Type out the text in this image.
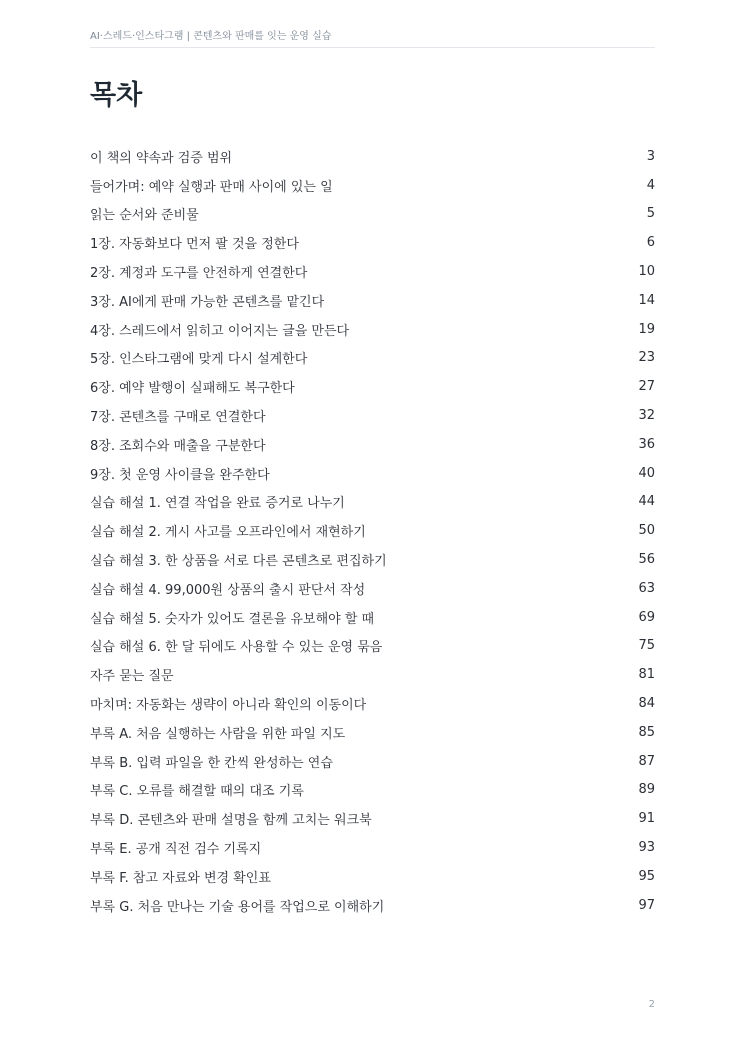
AI·스레드·인스타그램 | 콘텐츠와 판매를 잇는 운영 실습
목차
이 책의 약속과 검증 범위	3
들어가며: 예약 실행과 판매 사이에 있는 일	4
읽는 순서와 준비물	5
1장. 자동화보다 먼저 팔 것을 정한다	6
2장. 계정과 도구를 안전하게 연결한다	10
3장. AI에게 판매 가능한 콘텐츠를 맡긴다	14
4장. 스레드에서 읽히고 이어지는 글을 만든다	19
5장. 인스타그램에 맞게 다시 설계한다	23
6장. 예약 발행이 실패해도 복구한다	27
7장. 콘텐츠를 구매로 연결한다	32
8장. 조회수와 매출을 구분한다	36
9장. 첫 운영 사이클을 완주한다	40
실습 해설 1. 연결 작업을 완료 증거로 나누기	44
실습 해설 2. 게시 사고를 오프라인에서 재현하기	50
실습 해설 3. 한 상품을 서로 다른 콘텐츠로 편집하기	56
실습 해설 4. 99,000원 상품의 출시 판단서 작성	63
실습 해설 5. 숫자가 있어도 결론을 유보해야 할 때	69
실습 해설 6. 한 달 뒤에도 사용할 수 있는 운영 묶음	75
자주 묻는 질문	81
마치며: 자동화는 생략이 아니라 확인의 이동이다	84
부록 A. 처음 실행하는 사람을 위한 파일 지도	85
부록 B. 입력 파일을 한 칸씩 완성하는 연습	87
부록 C. 오류를 해결할 때의 대조 기록	89
부록 D. 콘텐츠와 판매 설명을 함께 고치는 워크북	91
부록 E. 공개 직전 검수 기록지	93
부록 F. 참고 자료와 변경 확인표	95
부록 G. 처음 만나는 기술 용어를 작업으로 이해하기	97
2
